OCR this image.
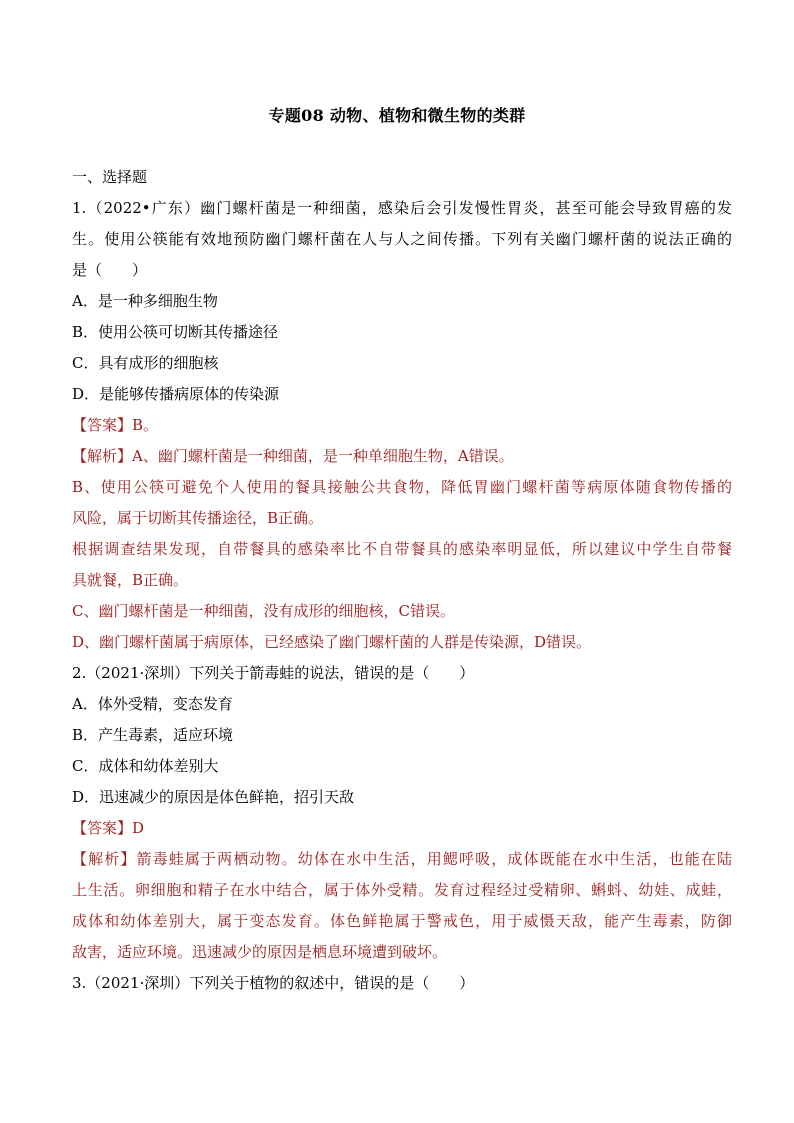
专题08 动物、植物和微生物的类群
一、选择题
1.（2022•广东）幽门螺杆菌是一种细菌，感染后会引发慢性胃炎，甚至可能会导致胃癌的发
生。使用公筷能有效地预防幽门螺杆菌在人与人之间传播。下列有关幽门螺杆菌的说法正确的
是（　　）
A．是一种多细胞生物
B．使用公筷可切断其传播途径
C．具有成形的细胞核
D．是能够传播病原体的传染源
【答案】B。
【解析】A、幽门螺杆菌是一种细菌，是一种单细胞生物，A错误。
B、使用公筷可避免个人使用的餐具接触公共食物，降低胃幽门螺杆菌等病原体随食物传播的
风险，属于切断其传播途径，B正确。
根据调查结果发现，自带餐具的感染率比不自带餐具的感染率明显低，所以建议中学生自带餐
具就餐，B正确。
C、幽门螺杆菌是一种细菌，没有成形的细胞核，C错误。
D、幽门螺杆菌属于病原体，已经感染了幽门螺杆菌的人群是传染源，D错误。
2.（2021·深圳）下列关于箭毒蛙的说法，错误的是（　　）
A．体外受精，变态发育
B．产生毒素，适应环境
C．成体和幼体差别大
D．迅速减少的原因是体色鲜艳，招引天敌
【答案】D
【解析】箭毒蛙属于两栖动物。幼体在水中生活，用鳃呼吸，成体既能在水中生活，也能在陆
上生活。卵细胞和精子在水中结合，属于体外受精。发育过程经过受精卵、蝌蚪、幼娃、成蛙，
成体和幼体差别大，属于变态发育。体色鲜艳属于警戒色，用于威慑天敌，能产生毒素，防御
敌害，适应环境。迅速减少的原因是栖息环境遭到破坏。
3.（2021·深圳）下列关于植物的叙述中，错误的是（　　）
